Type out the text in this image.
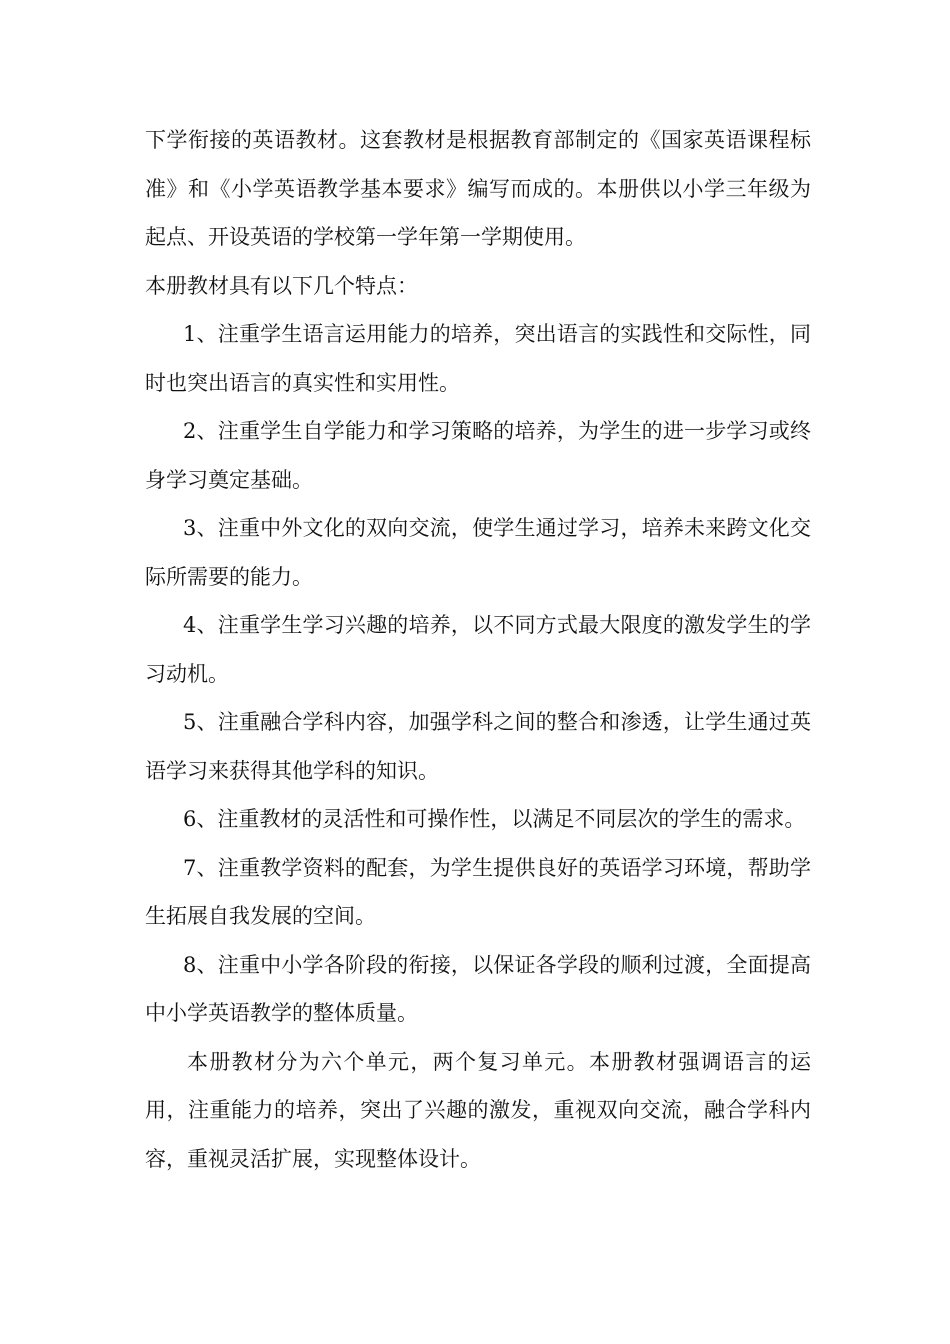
下学衔接的英语教材。这套教材是根据教育部制定的《国家英语课程标准》和《小学英语教学基本要求》编写而成的。本册供以小学三年级为起点、开设英语的学校第一学年第一学期使用。

本册教材具有以下几个特点：

1、注重学生语言运用能力的培养，突出语言的实践性和交际性，同时也突出语言的真实性和实用性。

2、注重学生自学能力和学习策略的培养，为学生的进一步学习或终身学习奠定基础。

3、注重中外文化的双向交流，使学生通过学习，培养未来跨文化交际所需要的能力。

4、注重学生学习兴趣的培养，以不同方式最大限度的激发学生的学习动机。

5、注重融合学科内容，加强学科之间的整合和渗透，让学生通过英语学习来获得其他学科的知识。

6、注重教材的灵活性和可操作性，以满足不同层次的学生的需求。

7、注重教学资料的配套，为学生提供良好的英语学习环境，帮助学生拓展自我发展的空间。

8、注重中小学各阶段的衔接，以保证各学段的顺利过渡，全面提高中小学英语教学的整体质量。

本册教材分为六个单元，两个复习单元。本册教材强调语言的运用，注重能力的培养，突出了兴趣的激发，重视双向交流，融合学科内容，重视灵活扩展，实现整体设计。
